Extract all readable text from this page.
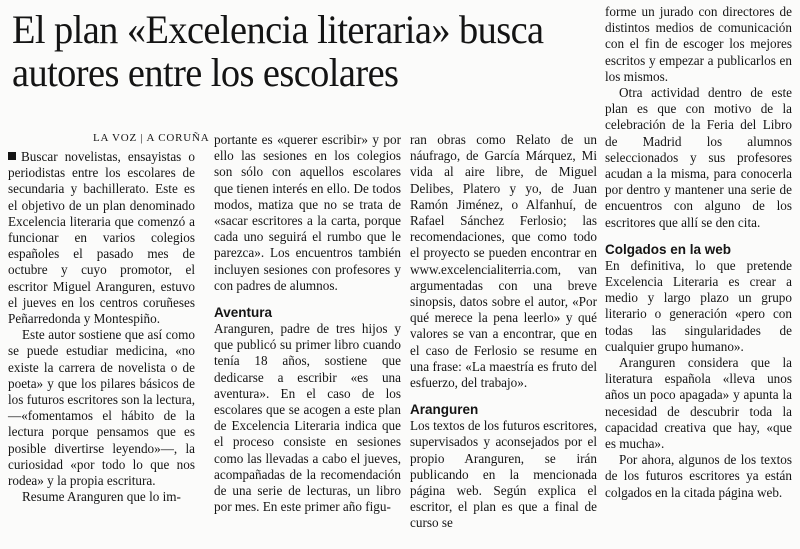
El plan «Excelencia literaria» busca autores entre los escolares
LA VOZ | A CORUÑA

Buscar novelistas, ensayistas o periodistas entre los escolares de secundaria y bachillerato. Este es el objetivo de un plan denominado Excelencia literaria que comenzó a funcionar en varios colegios españoles el pasado mes de octubre y cuyo promotor, el escritor Miguel Aranguren, estuvo el jueves en los centros coruñeses Peñarredonda y Montespiño.

Este autor sostiene que así como se puede estudiar medicina, «no existe la carrera de novelista o de poeta» y que los pilares básicos de los futuros escritores son la lectura, —«fomentamos el hábito de la lectura porque pensamos que es posible divertirse leyendo»—, la curiosidad «por todo lo que nos rodea» y la propia escritura.

Resume Aranguren que lo im-

portante es «querer escribir» y por ello las sesiones en los colegios son sólo con aquellos escolares que tienen interés en ello. De todos modos, matiza que no se trata de «sacar escritores a la carta, porque cada uno seguirá el rumbo que le parezca». Los encuentros también incluyen sesiones con profesores y con padres de alumnos.

Aventura

Aranguren, padre de tres hijos y que publicó su primer libro cuando tenía 18 años, sostiene que dedicarse a escribir «es una aventura». En el caso de los escolares que se acogen a este plan de Excelencia Literaria indica que el proceso consiste en sesiones como las llevadas a cabo el jueves, acompañadas de la recomendación de una serie de lecturas, un libro por mes. En este primer año figu-

ran obras como Relato de un náufrago, de García Márquez, Mi vida al aire libre, de Miguel Delibes, Platero y yo, de Juan Ramón Jiménez, o Alfanhuí, de Rafael Sánchez Ferlosio; las recomendaciones, que como todo el proyecto se pueden encontrar en www.excelencialiterria.com, van argumentadas con una breve sinopsis, datos sobre el autor, «Por qué merece la pena leerlo» y qué valores se van a encontrar, que en el caso de Ferlosio se resume en una frase: «La maestría es fruto del esfuerzo, del trabajo».

Aranguren

Los textos de los futuros escritores, supervisados y aconsejados por el propio Aranguren, se irán publicando en la mencionada página web. Según explica el escritor, el plan es que a final de curso se

forme un jurado con directores de distintos medios de comunicación con el fin de escoger los mejores escritos y empezar a publicarlos en los mismos.

Otra actividad dentro de este plan es que con motivo de la celebración de la Feria del Libro de Madrid los alumnos seleccionados y sus profesores acudan a la misma, para conocerla por dentro y mantener una serie de encuentros con alguno de los escritores que allí se den cita.

Colgados en la web

En definitiva, lo que pretende Excelencia Literaria es crear a medio y largo plazo un grupo literario o generación «pero con todas las singularidades de cualquier grupo humano».

Aranguren considera que la literatura española «lleva unos años un poco apagada» y apunta la necesidad de descubrir toda la capacidad creativa que hay, «que es mucha».

Por ahora, algunos de los textos de los futuros escritores ya están colgados en la citada página web.
